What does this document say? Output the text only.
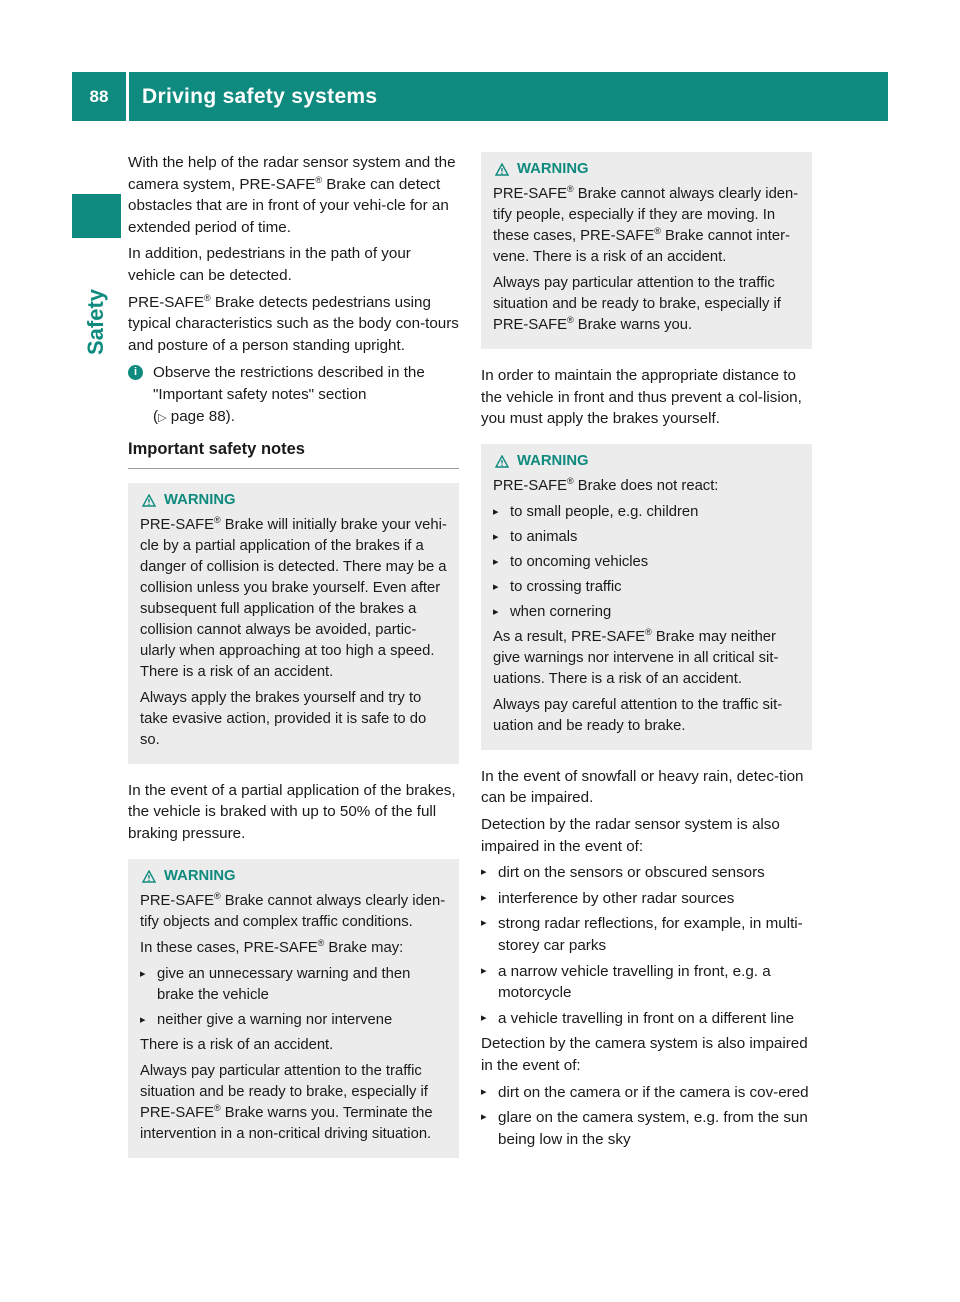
88	Driving safety systems
Safety

With the help of the radar sensor system and the camera system, PRE-SAFE® Brake can detect obstacles that are in front of your vehi-cle for an extended period of time.

In addition, pedestrians in the path of your vehicle can be detected.

PRE-SAFE® Brake detects pedestrians using typical characteristics such as the body con-tours and posture of a person standing upright.

i	Observe the restrictions described in the "Important safety notes" section
(▷ page 88).
Important safety notes
WARNING

PRE-SAFE® Brake will initially brake your vehi-cle by a partial application of the brakes if a danger of collision is detected. There may be a collision unless you brake yourself. Even after subsequent full application of the brakes a collision cannot always be avoided, partic-ularly when approaching at too high a speed. There is a risk of an accident.

Always apply the brakes yourself and try to take evasive action, provided it is safe to do so.

In the event of a partial application of the brakes, the vehicle is braked with up to 50% of the full braking pressure.

WARNING

PRE-SAFE® Brake cannot always clearly iden-tify objects and complex traffic conditions.

In these cases, PRE-SAFE® Brake may:

▸ give an unnecessary warning and then brake the vehicle
▸ neither give a warning nor intervene

There is a risk of an accident.

Always pay particular attention to the traffic situation and be ready to brake, especially if PRE-SAFE® Brake warns you. Terminate the intervention in a non-critical driving situation.

WARNING

PRE-SAFE® Brake cannot always clearly iden-tify people, especially if they are moving. In these cases, PRE-SAFE® Brake cannot inter-vene. There is a risk of an accident.

Always pay particular attention to the traffic situation and be ready to brake, especially if PRE-SAFE® Brake warns you.

In order to maintain the appropriate distance to the vehicle in front and thus prevent a col-lision, you must apply the brakes yourself.

WARNING

PRE-SAFE® Brake does not react:

▸ to small people, e.g. children
▸ to animals
▸ to oncoming vehicles
▸ to crossing traffic
▸ when cornering

As a result, PRE-SAFE® Brake may neither give warnings nor intervene in all critical sit-uations. There is a risk of an accident.

Always pay careful attention to the traffic sit-uation and be ready to brake.

In the event of snowfall or heavy rain, detec-tion can be impaired.

Detection by the radar sensor system is also impaired in the event of:

▸ dirt on the sensors or obscured sensors
▸ interference by other radar sources
▸ strong radar reflections, for example, in multi-storey car parks
▸ a narrow vehicle travelling in front, e.g. a motorcycle
▸ a vehicle travelling in front on a different line

Detection by the camera system is also impaired in the event of:

▸ dirt on the camera or if the camera is cov-ered
▸ glare on the camera system, e.g. from the sun being low in the sky
